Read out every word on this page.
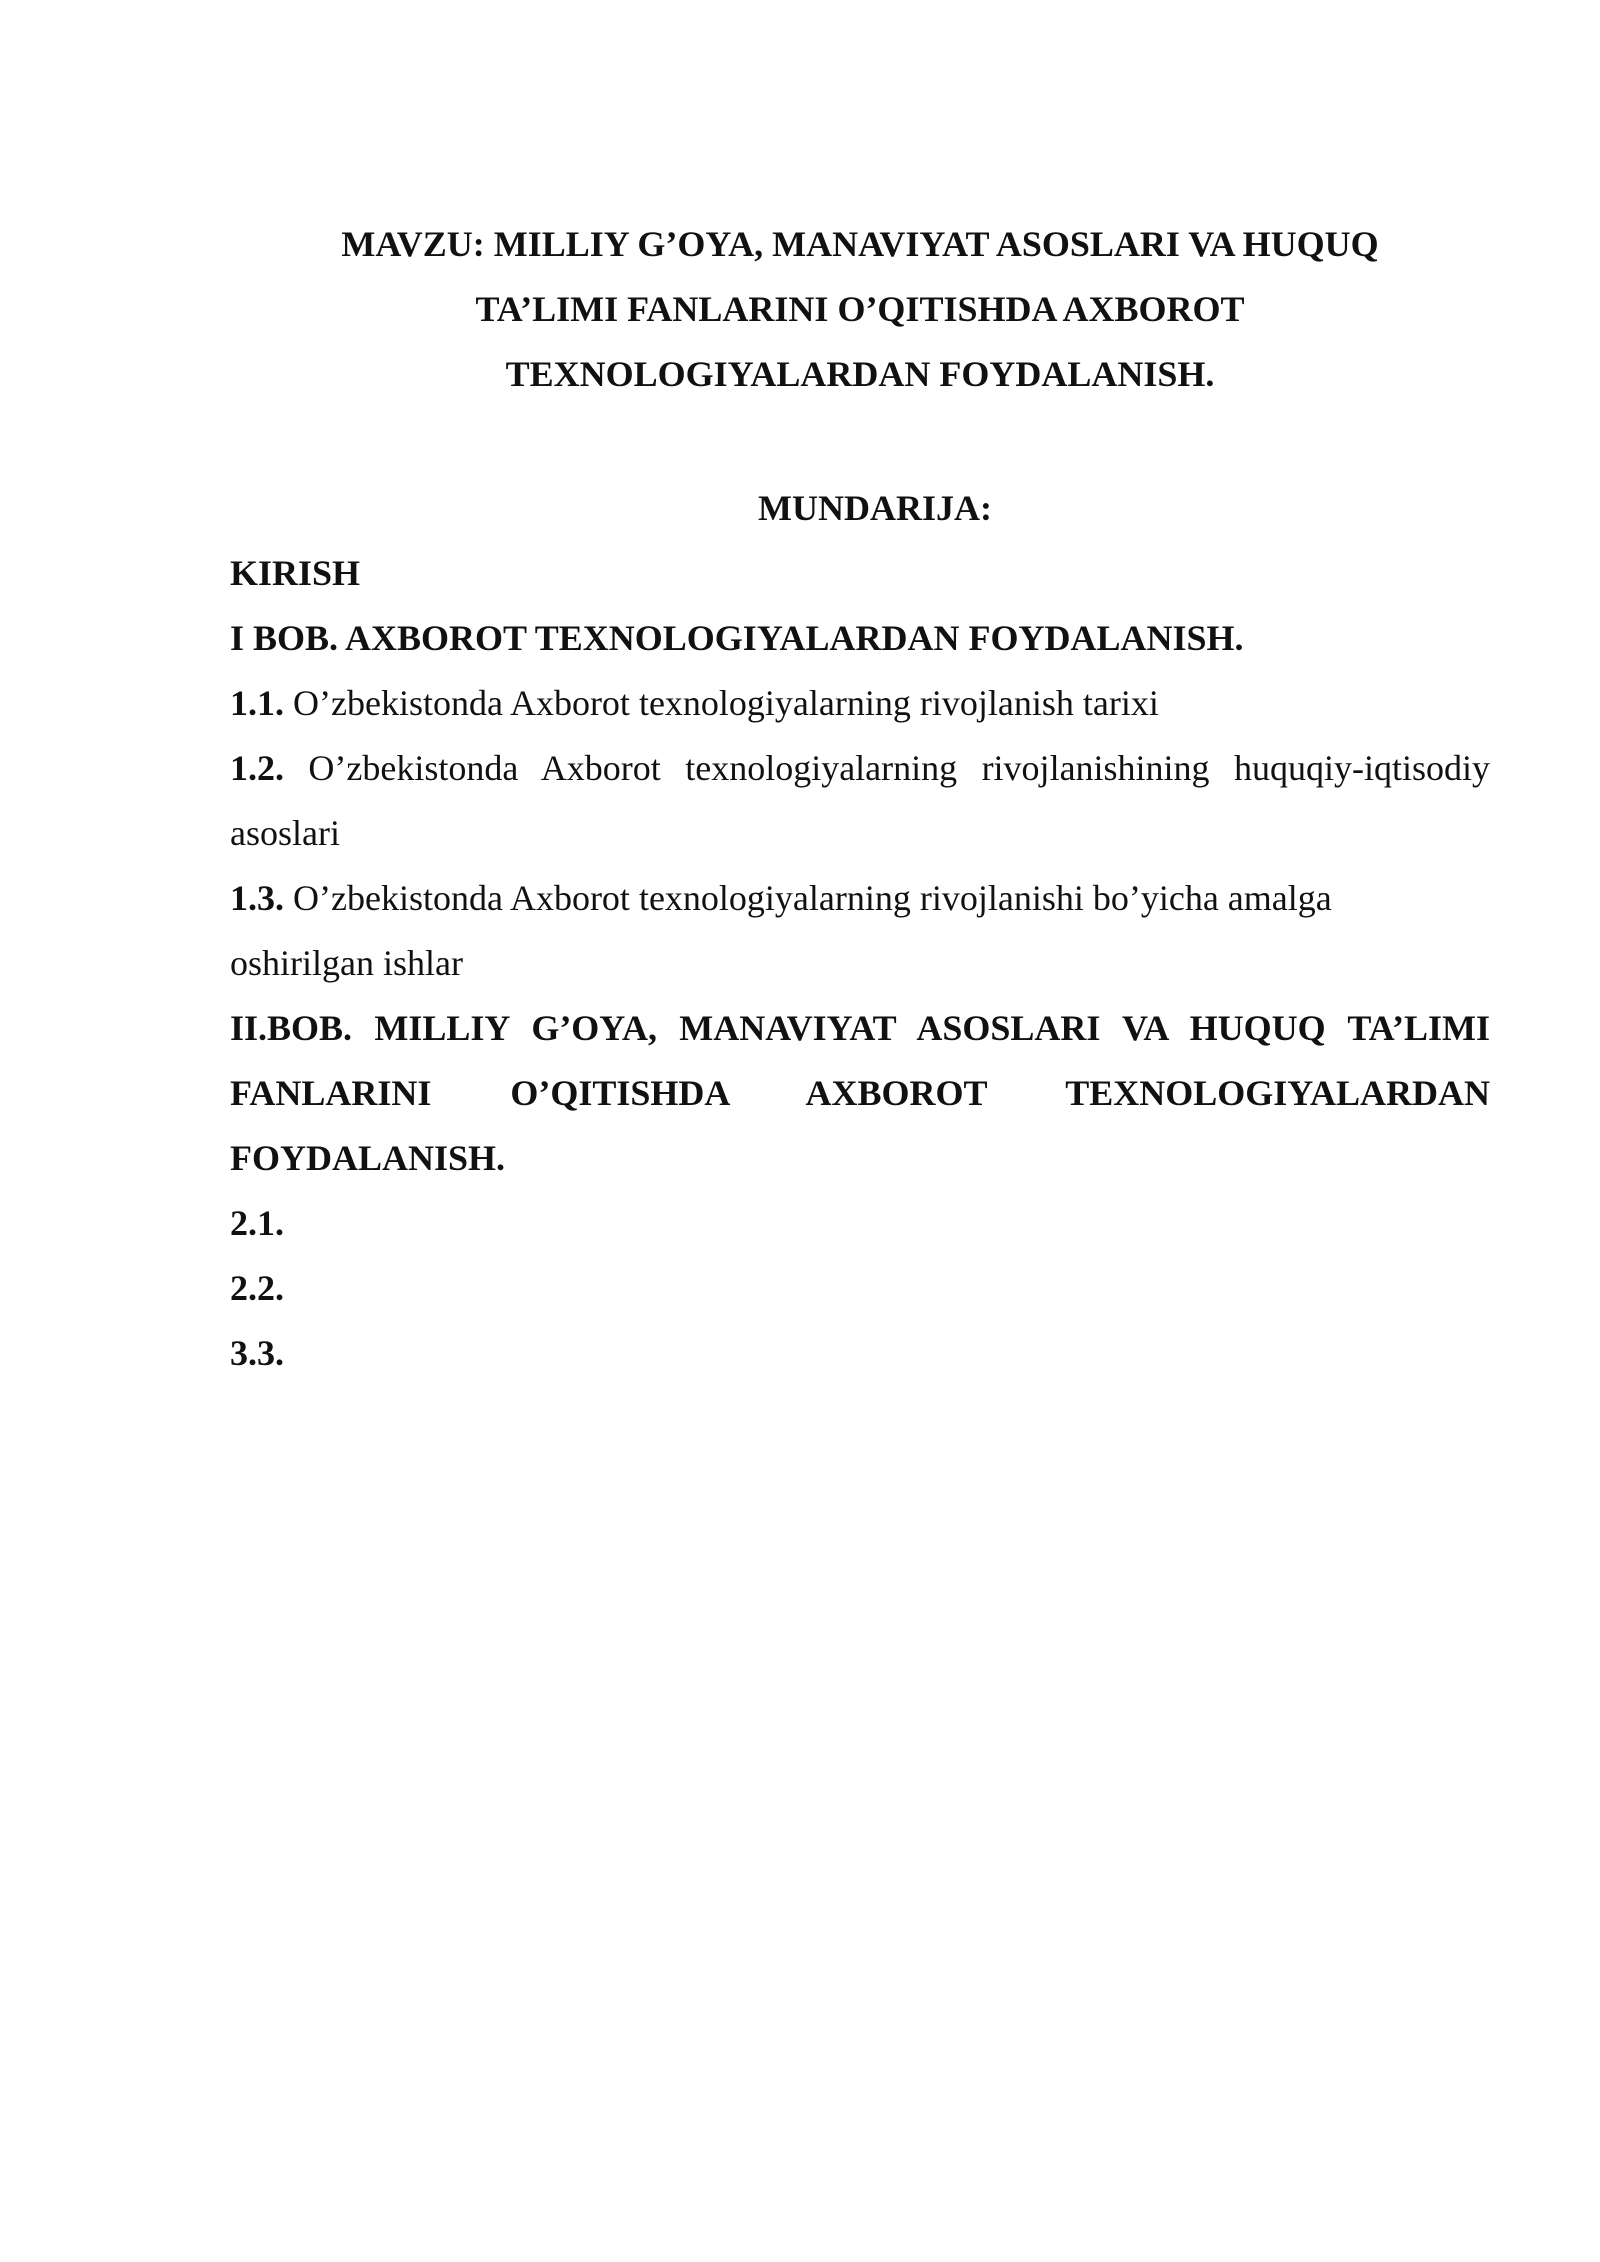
MAVZU: MILLIY G’OYA, MANAVIYAT ASOSLARI VA HUQUQ
TA’LIMI FANLARINI O’QITISHDA AXBOROT
TEXNOLOGIYALARDAN FOYDALANISH.
MUNDARIJA:
KIRISH
I BOB. AXBOROT TEXNOLOGIYALARDAN FOYDALANISH.
1.1. O’zbekistonda Axborot texnologiyalarning rivojlanish tarixi
1.2. O’zbekistonda Axborot texnologiyalarning rivojlanishining huquqiy-iqtisodiy
asoslari
1.3. O’zbekistonda Axborot texnologiyalarning rivojlanishi bo’yicha amalga
oshirilgan ishlar
II.BOB. MILLIY G’OYA, MANAVIYAT ASOSLARI VA HUQUQ TA’LIMI
FANLARINI O’QITISHDA AXBOROT TEXNOLOGIYALARDAN
FOYDALANISH.
2.1.
2.2.
3.3.
